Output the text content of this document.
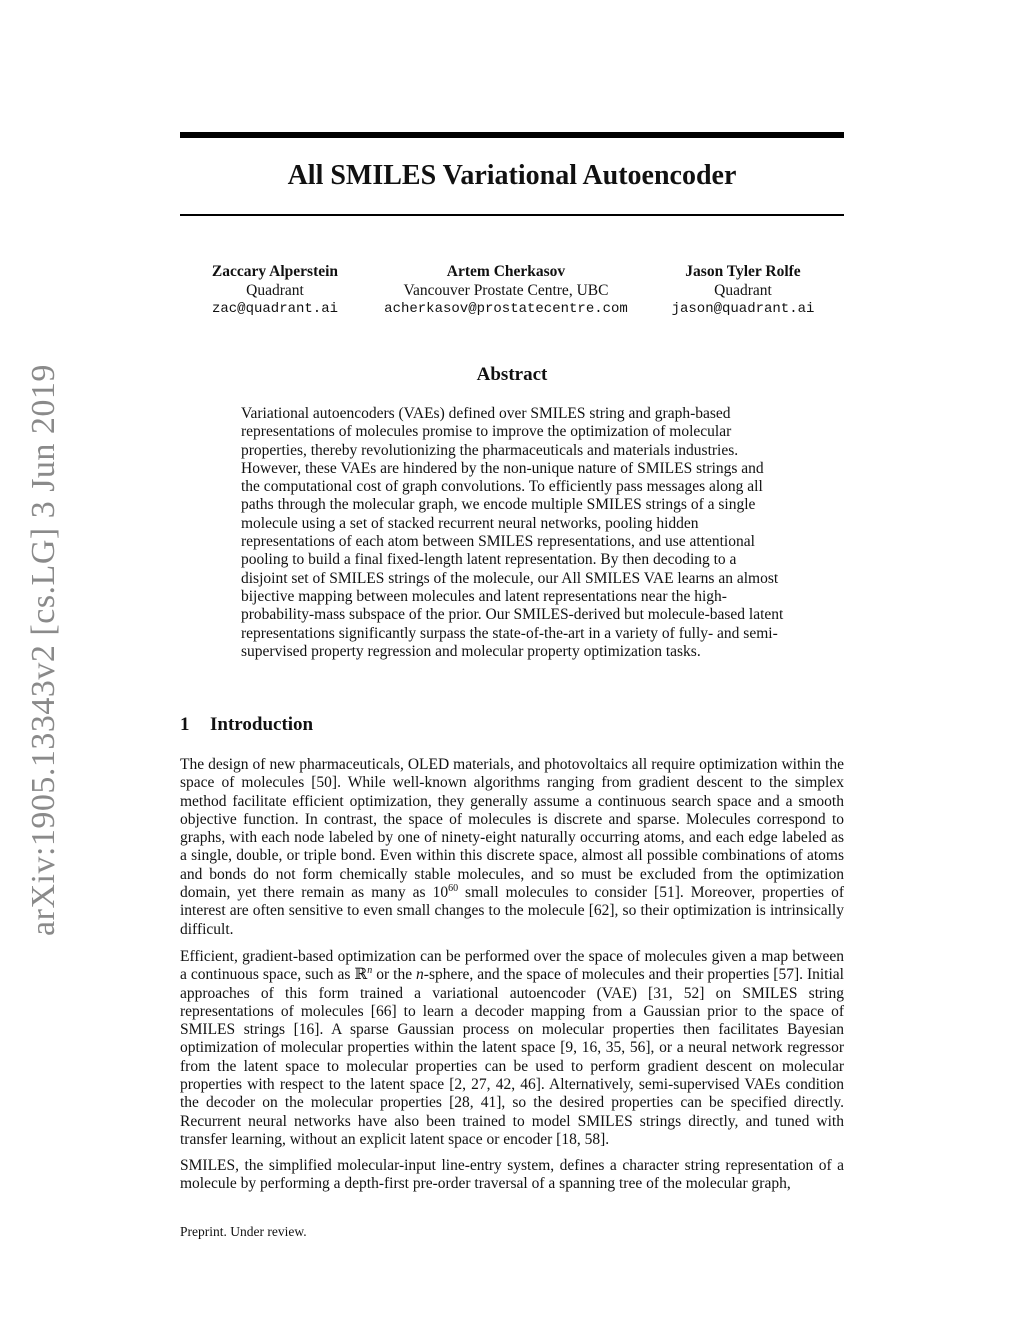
arXiv:1905.13343v2 [cs.LG] 3 Jun 2019
All SMILES Variational Autoencoder
Zaccary Alperstein
Quadrant
zac@quadrant.ai
Artem Cherkasov
Vancouver Prostate Centre, UBC
acherkasov@prostatecentre.com
Jason Tyler Rolfe
Quadrant
jason@quadrant.ai
Abstract

Variational autoencoders (VAEs) defined over SMILES string and graph-based representations of molecules promise to improve the optimization of molecular properties, thereby revolutionizing the pharmaceuticals and materials industries. However, these VAEs are hindered by the non-unique nature of SMILES strings and the computational cost of graph convolutions. To efficiently pass messages along all paths through the molecular graph, we encode multiple SMILES strings of a single molecule using a set of stacked recurrent neural networks, pooling hidden representations of each atom between SMILES representations, and use attentional pooling to build a final fixed-length latent representation. By then decoding to a disjoint set of SMILES strings of the molecule, our All SMILES VAE learns an almost bijective mapping between molecules and latent representations near the high-probability-mass subspace of the prior. Our SMILES-derived but molecule-based latent representations significantly surpass the state-of-the-art in a variety of fully- and semi-supervised property regression and molecular property optimization tasks.

1 Introduction

The design of new pharmaceuticals, OLED materials, and photovoltaics all require optimization within the space of molecules [50]. While well-known algorithms ranging from gradient descent to the simplex method facilitate efficient optimization, they generally assume a continuous search space and a smooth objective function. In contrast, the space of molecules is discrete and sparse. Molecules correspond to graphs, with each node labeled by one of ninety-eight naturally occurring atoms, and each edge labeled as a single, double, or triple bond. Even within this discrete space, almost all possible combinations of atoms and bonds do not form chemically stable molecules, and so must be excluded from the optimization domain, yet there remain as many as $10^{60}$ small molecules to consider [51]. Moreover, properties of interest are often sensitive to even small changes to the molecule [62], so their optimization is intrinsically difficult.

Efficient, gradient-based optimization can be performed over the space of molecules given a map between a continuous space, such as ℝ$^n$ or the n-sphere, and the space of molecules and their properties [57]. Initial approaches of this form trained a variational autoencoder (VAE) [31, 52] on SMILES string representations of molecules [66] to learn a decoder mapping from a Gaussian prior to the space of SMILES strings [16]. A sparse Gaussian process on molecular properties then facilitates Bayesian optimization of molecular properties within the latent space [9, 16, 35, 56], or a neural network regressor from the latent space to molecular properties can be used to perform gradient descent on molecular properties with respect to the latent space [2, 27, 42, 46]. Alternatively, semi-supervised VAEs condition the decoder on the molecular properties [28, 41], so the desired properties can be specified directly. Recurrent neural networks have also been trained to model SMILES strings directly, and tuned with transfer learning, without an explicit latent space or encoder [18, 58].

SMILES, the simplified molecular-input line-entry system, defines a character string representation of a molecule by performing a depth-first pre-order traversal of a spanning tree of the molecular graph,

Preprint. Under review.
